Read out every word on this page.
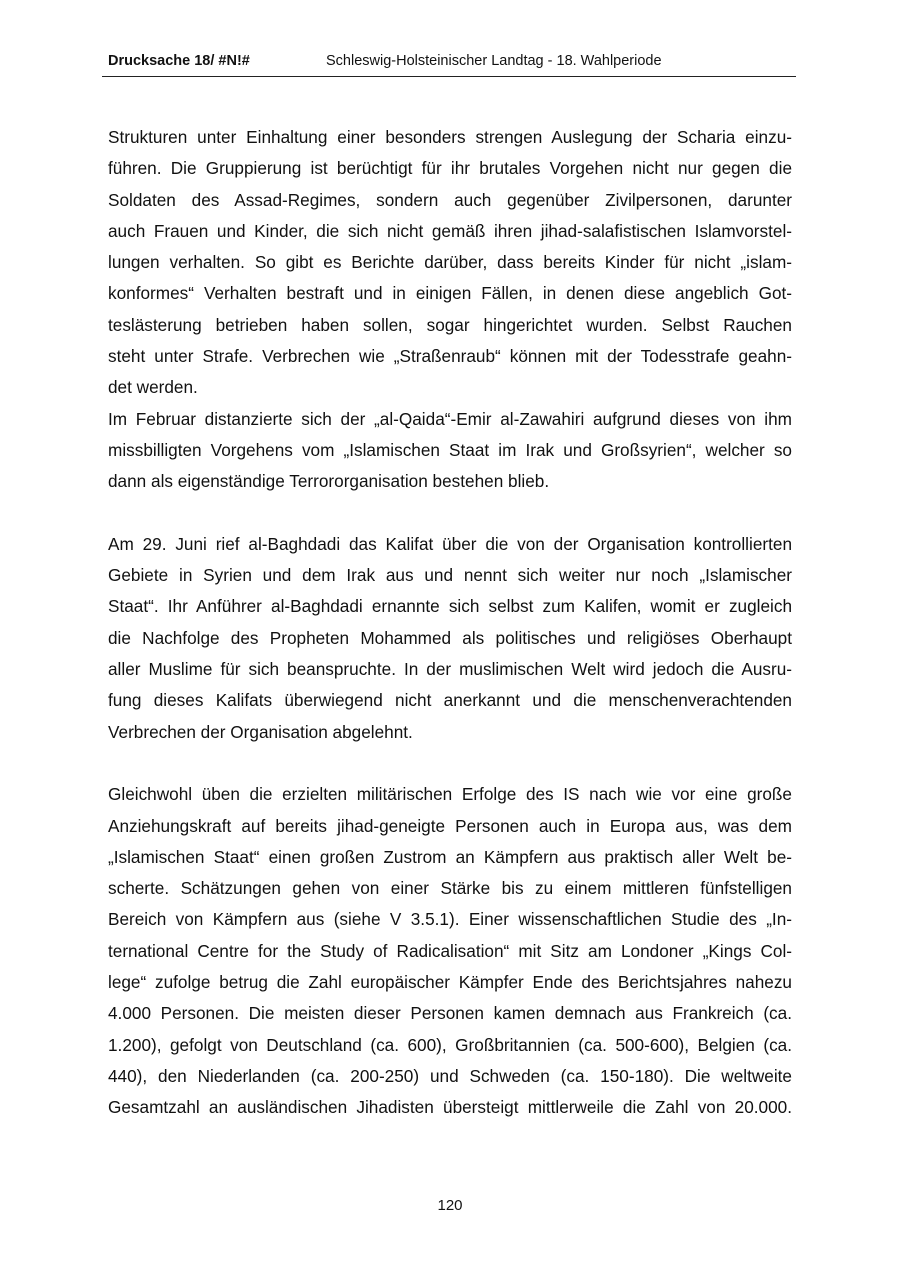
Drucksache 18/ #N!#	Schleswig-Holsteinischer Landtag - 18. Wahlperiode
Strukturen unter Einhaltung einer besonders strengen Auslegung der Scharia einzu-
führen. Die Gruppierung ist berüchtigt für ihr brutales Vorgehen nicht nur gegen die
Soldaten des Assad-Regimes, sondern auch gegenüber Zivilpersonen, darunter
auch Frauen und Kinder, die sich nicht gemäß ihren jihad-salafistischen Islamvorstel-
lungen verhalten. So gibt es Berichte darüber, dass bereits Kinder für nicht „islam-
konformes“ Verhalten bestraft und in einigen Fällen, in denen diese angeblich Got-
teslästerung betrieben haben sollen, sogar hingerichtet wurden. Selbst Rauchen
steht unter Strafe. Verbrechen wie „Straßenraub“ können mit der Todesstrafe geahn-
det werden.
Im Februar distanzierte sich der „al-Qaida“-Emir al-Zawahiri aufgrund dieses von ihm
missbilligten Vorgehens vom „Islamischen Staat im Irak und Großsyrien“, welcher so
dann als eigenständige Terrororganisation bestehen blieb.
Am 29. Juni rief al-Baghdadi das Kalifat über die von der Organisation kontrollierten
Gebiete in Syrien und dem Irak aus und nennt sich weiter nur noch „Islamischer
Staat“. Ihr Anführer al-Baghdadi ernannte sich selbst zum Kalifen, womit er zugleich
die Nachfolge des Propheten Mohammed als politisches und religiöses Oberhaupt
aller Muslime für sich beanspruchte. In der muslimischen Welt wird jedoch die Ausru-
fung dieses Kalifats überwiegend nicht anerkannt und die menschenverachtenden
Verbrechen der Organisation abgelehnt.
Gleichwohl üben die erzielten militärischen Erfolge des IS nach wie vor eine große
Anziehungskraft auf bereits jihad-geneigte Personen auch in Europa aus, was dem
„Islamischen Staat“ einen großen Zustrom an Kämpfern aus praktisch aller Welt be-
scherte. Schätzungen gehen von einer Stärke bis zu einem mittleren fünfstelligen
Bereich von Kämpfern aus (siehe V 3.5.1). Einer wissenschaftlichen Studie des „In-
ternational Centre for the Study of Radicalisation“ mit Sitz am Londoner „Kings Col-
lege“ zufolge betrug die Zahl europäischer Kämpfer Ende des Berichtsjahres nahezu
4.000 Personen. Die meisten dieser Personen kamen demnach aus Frankreich (ca.
1.200), gefolgt von Deutschland (ca. 600), Großbritannien (ca. 500-600), Belgien (ca.
440), den Niederlanden (ca. 200-250) und Schweden (ca. 150-180). Die weltweite
Gesamtzahl an ausländischen Jihadisten übersteigt mittlerweile die Zahl von 20.000.
120
